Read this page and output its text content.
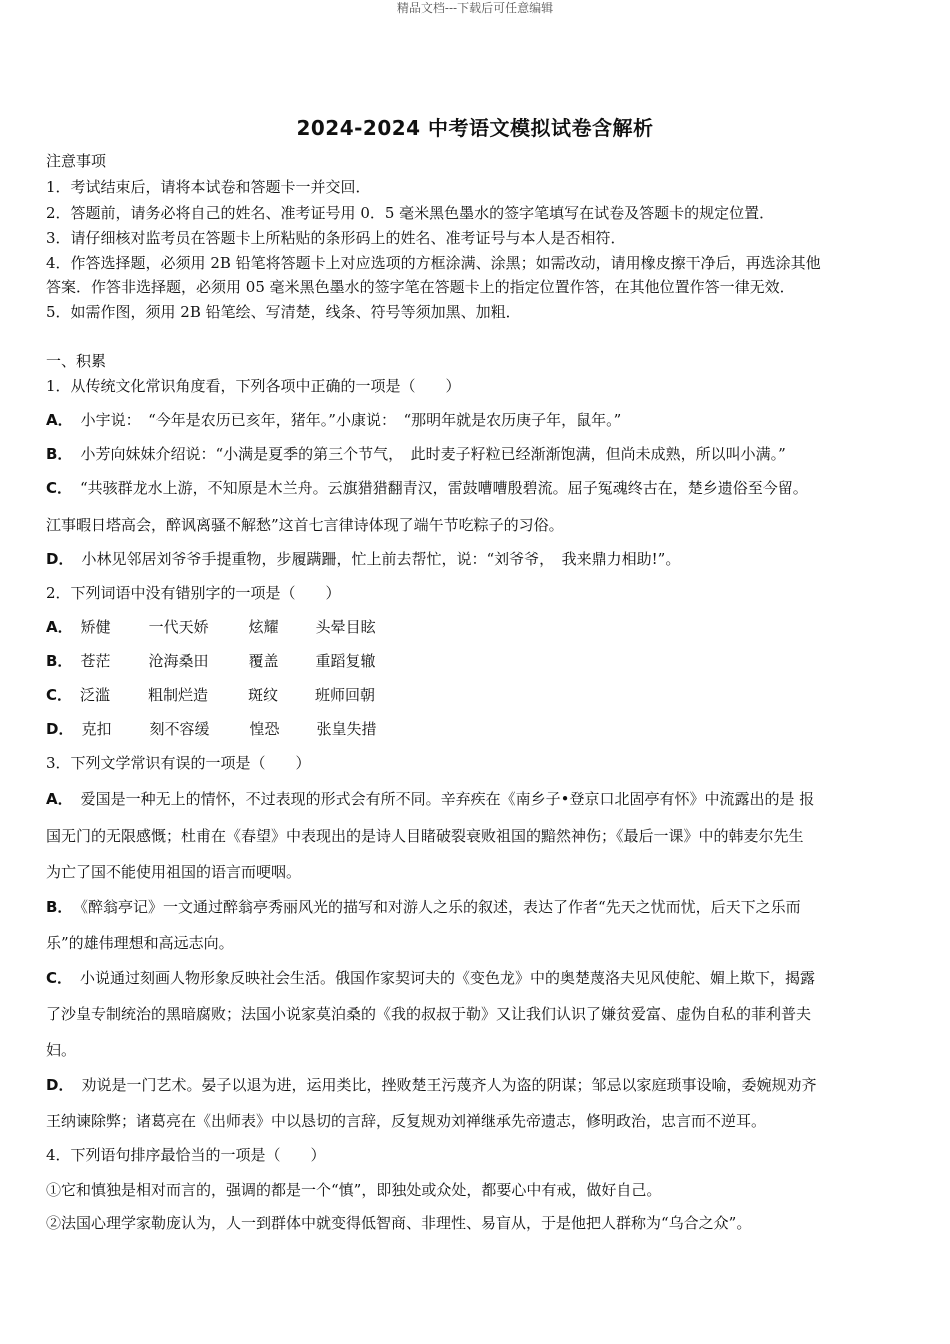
精品文档---下载后可任意编辑
2024-2024 中考语文模拟试卷含解析
注意事项
1．考试结束后，请将本试卷和答题卡一并交回．
2．答题前，请务必将自己的姓名、准考证号用 0．5 毫米黑色墨水的签字笔填写在试卷及答题卡的规定位置．
3．请仔细核对监考员在答题卡上所粘贴的条形码上的姓名、准考证号与本人是否相符．
4．作答选择题，必须用 2B 铅笔将答题卡上对应选项的方框涂满、涂黑；如需改动，请用橡皮擦干净后，再选涂其他
答案．作答非选择题，必须用 05 毫米黑色墨水的签字笔在答题卡上的指定位置作答，在其他位置作答一律无效．
5．如需作图，须用 2B 铅笔绘、写清楚，线条、符号等须加黑、加粗．
一、积累
1．从传统文化常识角度看，下列各项中正确的一项是（　　）
A． 小宇说：　“今年是农历已亥年，猪年。”小康说：　“那明年就是农历庚子年，鼠年。”
B． 小芳向妹妹介绍说：“小满是夏季的第三个节气，　此时麦子籽粒已经渐渐饱满，但尚未成熟，所以叫小满。”
C． “共骇群龙水上游，不知原是木兰舟。云旗猎猎翻青汉，雷鼓嘈嘈殷碧流。屈子冤魂终古在，楚乡遗俗至今留。
江事暇日塔高会，醉讽离骚不解愁”这首七言律诗体现了端午节吃粽子的习俗。
D． 小林见邻居刘爷爷手提重物，步履蹒跚，忙上前去帮忙，说：“刘爷爷，　我来鼎力相助!”。
2．下列词语中没有错别字的一项是（　　）
A． 矫健	一代天娇	炫耀 头晕目眩
B． 苍茫	沧海桑田	覆盖 重蹈复辙
C． 泛滥	粗制烂造	斑纹 班师回朝
D． 克扣	刻不容缓	惶恐 张皇失措
3．下列文学常识有误的一项是（　　）
A． 爱国是一种无上的情怀，不过表现的形式会有所不同。辛弃疾在《南乡子•登京口北固亭有怀》中流露出的是 报
国无门的无限感慨；杜甫在《春望》中表现出的是诗人目睹破裂衰败祖国的黯然神伤；《最后一课》中的韩麦尔先生
为亡了国不能使用祖国的语言而哽咽。
B． 《醉翁亭记》一文通过醉翁亭秀丽风光的描写和对游人之乐的叙述，表达了作者“先天之忧而忧，后天下之乐而
乐”的雄伟理想和高远志向。
C． 小说通过刻画人物形象反映社会生活。俄国作家契诃夫的《变色龙》中的奥楚蔑洛夫见风使舵、媚上欺下，揭露
了沙皇专制统治的黑暗腐败；法国小说家莫泊桑的《我的叔叔于勒》又让我们认识了嫌贫爱富、虚伪自私的菲利普夫
妇。
D． 劝说是一门艺术。晏子以退为进，运用类比，挫败楚王污蔑齐人为盗的阴谋；邹忌以家庭琐事设喻，委婉规劝齐
王纳谏除弊；诸葛亮在《出师表》中以恳切的言辞，反复规劝刘禅继承先帝遗志，修明政治，忠言而不逆耳。
4．下列语句排序最恰当的一项是（　　）
①它和慎独是相对而言的，强调的都是一个“慎”，即独处或众处，都要心中有戒，做好自己。
②法国心理学家勒庞认为，人一到群体中就变得低智商、非理性、易盲从，于是他把人群称为“乌合之众”。
